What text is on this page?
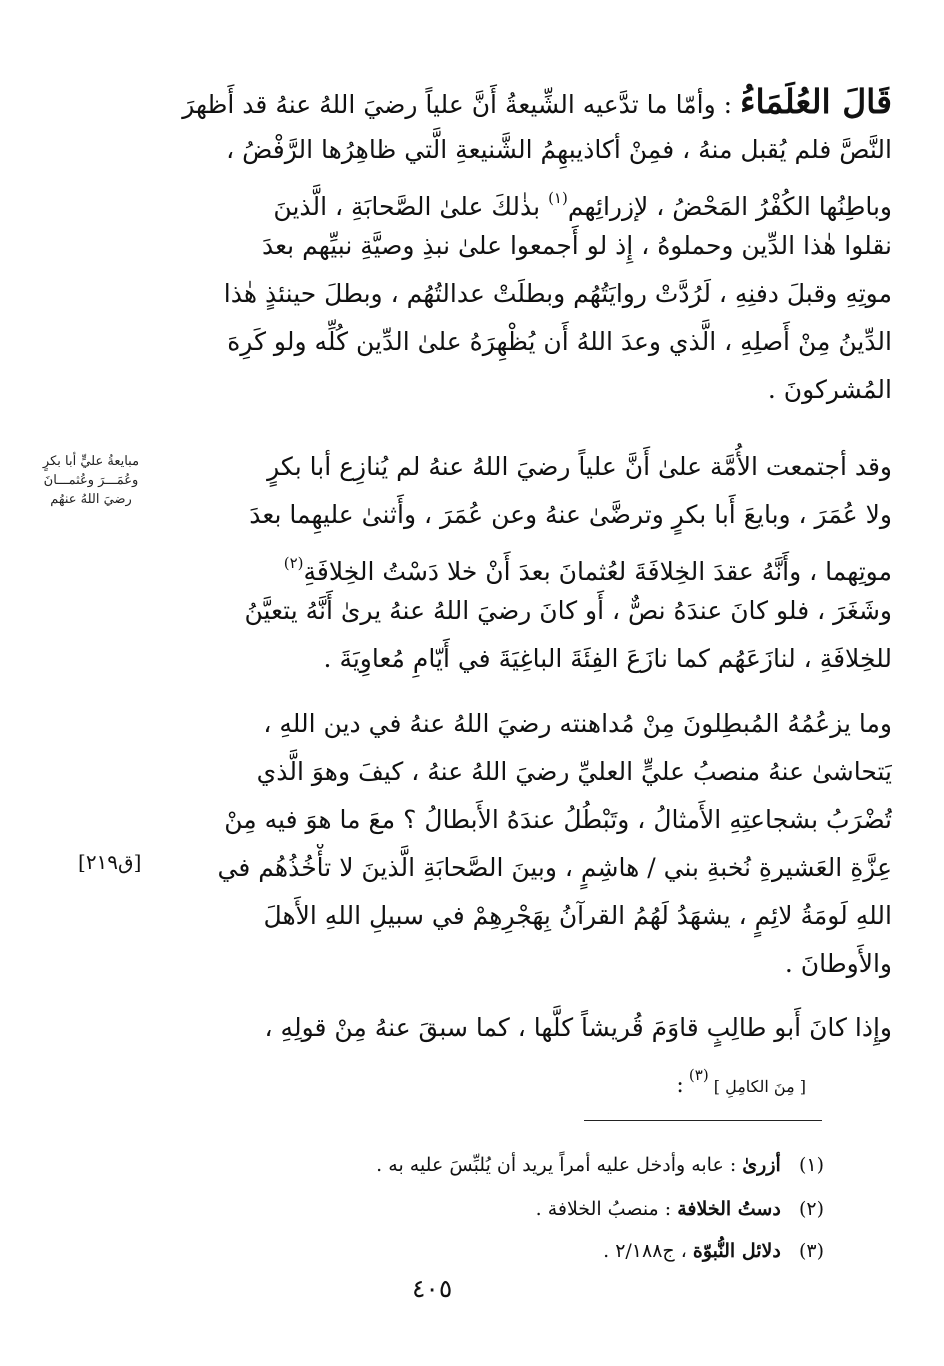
قَالَ العُلَمَاءُ : وأمّا ما تدَّعيه الشِّيعةُ أَنَّ علياً رضيَ اللهُ عنهُ قد أَظهرَ
النَّصَّ فلم يُقبل منهُ ، فمِنْ أكاذيبهِمُ الشَّنيعةِ الَّتي ظاهِرُها الرَّفْضُ ،
وباطِنُها الكُفْرُ المَحْضُ ، لإزرائِهم$^{(١)}$ بذٰلكَ علىٰ الصَّحابَةِ ، الَّذينَ
نقلوا هٰذا الدِّين وحملوهُ ، إِذ لو أَجمعوا علىٰ نبذِ وصيَّةِ نبيِّهم بعدَ
موتِهِ وقبلَ دفنِهِ ، لَرُدَّتْ روايَتُهُم وبطلَتْ عدالتُهُم ، وبطلَ حينئذٍ هٰذا
الدِّينُ مِنْ أَصلِهِ ، الَّذي وعدَ اللهُ أَن يُظْهِرَهُ علىٰ الدِّين كُلِّه ولو كَرِهَ
المُشركونَ .
مبايعةُ عليٍّ أبا بكرٍ
وعُمَـــرَ وعُثمـــانَ
رضيَ اللهُ عنهُم
وقد أجتمعت الأُمَّة علىٰ أَنَّ علياً رضيَ اللهُ عنهُ لم يُنازِع أبا بكرٍ
ولا عُمَرَ ، وبايعَ أَبا بكرٍ وترضَّىٰ عنهُ وعن عُمَرَ ، وأَثنىٰ عليهِما بعدَ
موتِهِما ، وأَنَّهُ عقدَ الخِلافَةَ لعُثمانَ بعدَ أَنْ خلا دَسْتُ الخِلافَةِ$^{(٢)}$
وشَغَرَ ، فلو كانَ عندَهُ نصٌّ ، أَو كانَ رضيَ اللهُ عنهُ يرىٰ أَنَّهُ يتعيَّنُ
للخِلافَةِ ، لنازَعَهُم كما نازَعَ الفِئَةَ الباغِيَةَ في أَيّامِ مُعاوِيَةَ .
وما يزعُمُهُ المُبطِلونَ مِنْ مُداهنته رضيَ اللهُ عنهُ في دين اللهِ ،
يَتحاشىٰ عنهُ منصبُ عليٍّ العليِّ رضيَ اللهُ عنهُ ، كيفَ وهوَ الَّذي
تُضْرَبُ بشجاعتِهِ الأَمثالُ ، وتَبْطُلُ عندَهُ الأَبطالُ ؟ معَ ما هوَ فيه مِنْ
عِزَّةِ العَشيرةِ نُخبةِ بني / هاشِمٍ ، وبينَ الصَّحابَةِ الَّذينَ لا تأْخُذُهُم في
اللهِ لَومَةُ لائِمٍ ، يشهَدُ لَهُمُ القرآنُ بِهَجْرِهِمْ في سبيلِ اللهِ الأَهلَ
والأَوطانَ .
[ق٢١٩]
وإِذا كانَ أَبو طالِبٍ قاوَمَ قُريشاً كلَّها ، كما سبقَ عنهُ مِنْ قولِهِ ،
[ مِنَ الكامِلِ ] (٣) :
(١)   أزرىٰ : عابه وأدخل عليه أمراً يريد أن يُلبِّسَ عليه به .
(٢)   دستُ الخلافة : منصبُ الخلافة .
(٣)   دلائل النُّبوّة ، ج٢/١٨٨ .
٤٠٥
